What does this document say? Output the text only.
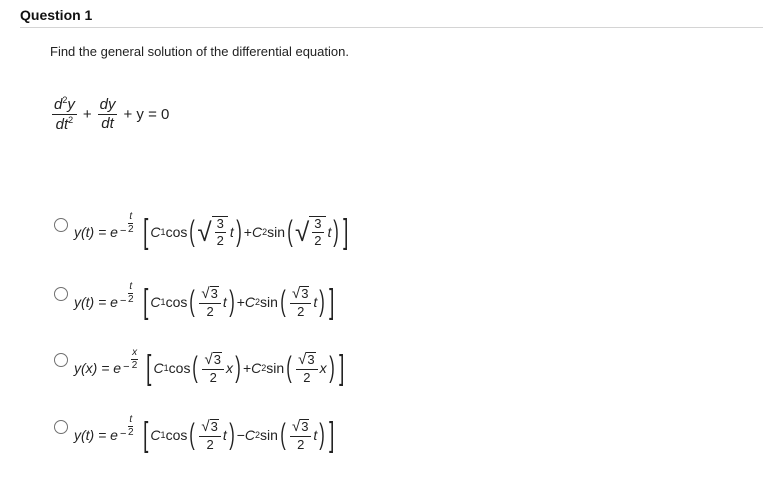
Question 1
Find the general solution of the differential equation.
$\frac{d^2y}{dt^2} + \frac{dy}{dt} + y = 0$
$y(t) = e - \frac{t}{2}$ [ C 1 cos ( √ $\frac{3}{2}$ t ) + C 2 sin ( √ $\frac{3}{2}$ t ) ]
$y(t) = e - \frac{t}{2}$ [ C 1 cos ( $\frac{√ 3}{2}$ t ) + C 2 sin ( $\frac{√ 3}{2}$ t ) ]
$y(x) = e - \frac{x}{2}$ [ C 1 cos ( $\frac{√ 3}{2}$ x ) + C 2 sin ( $\frac{√ 3}{2}$ x ) ]
$y(t) = e - \frac{t}{2}$ [ C 1 cos ( $\frac{√ 3}{2}$ t ) − C 2 sin ( $\frac{√ 3}{2}$ t ) ]
